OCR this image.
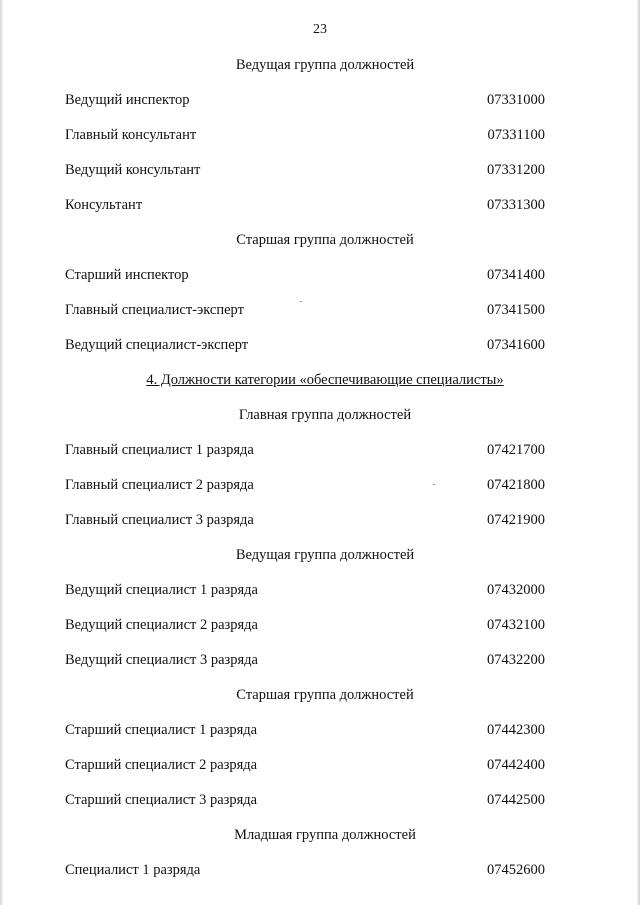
23
Ведущая группа должностей
Ведущий инспектор	07331000
Главный консультант	07331100
Ведущий консультант	07331200
Консультант	07331300
Старшая группа должностей
Старший инспектор	07341400
Главный специалист-эксперт	07341500
Ведущий специалист-эксперт	07341600
4. Должности категории «обеспечивающие специалисты»
Главная группа должностей
Главный специалист 1 разряда	07421700
Главный специалист 2 разряда	07421800
Главный специалист 3 разряда	07421900
Ведущая группа должностей
Ведущий специалист 1 разряда	07432000
Ведущий специалист 2 разряда	07432100
Ведущий специалист 3 разряда	07432200
Старшая группа должностей
Старший специалист 1 разряда	07442300
Старший специалист 2 разряда	07442400
Старший специалист 3 разряда	07442500
Младшая группа должностей
Специалист 1 разряда	07452600
